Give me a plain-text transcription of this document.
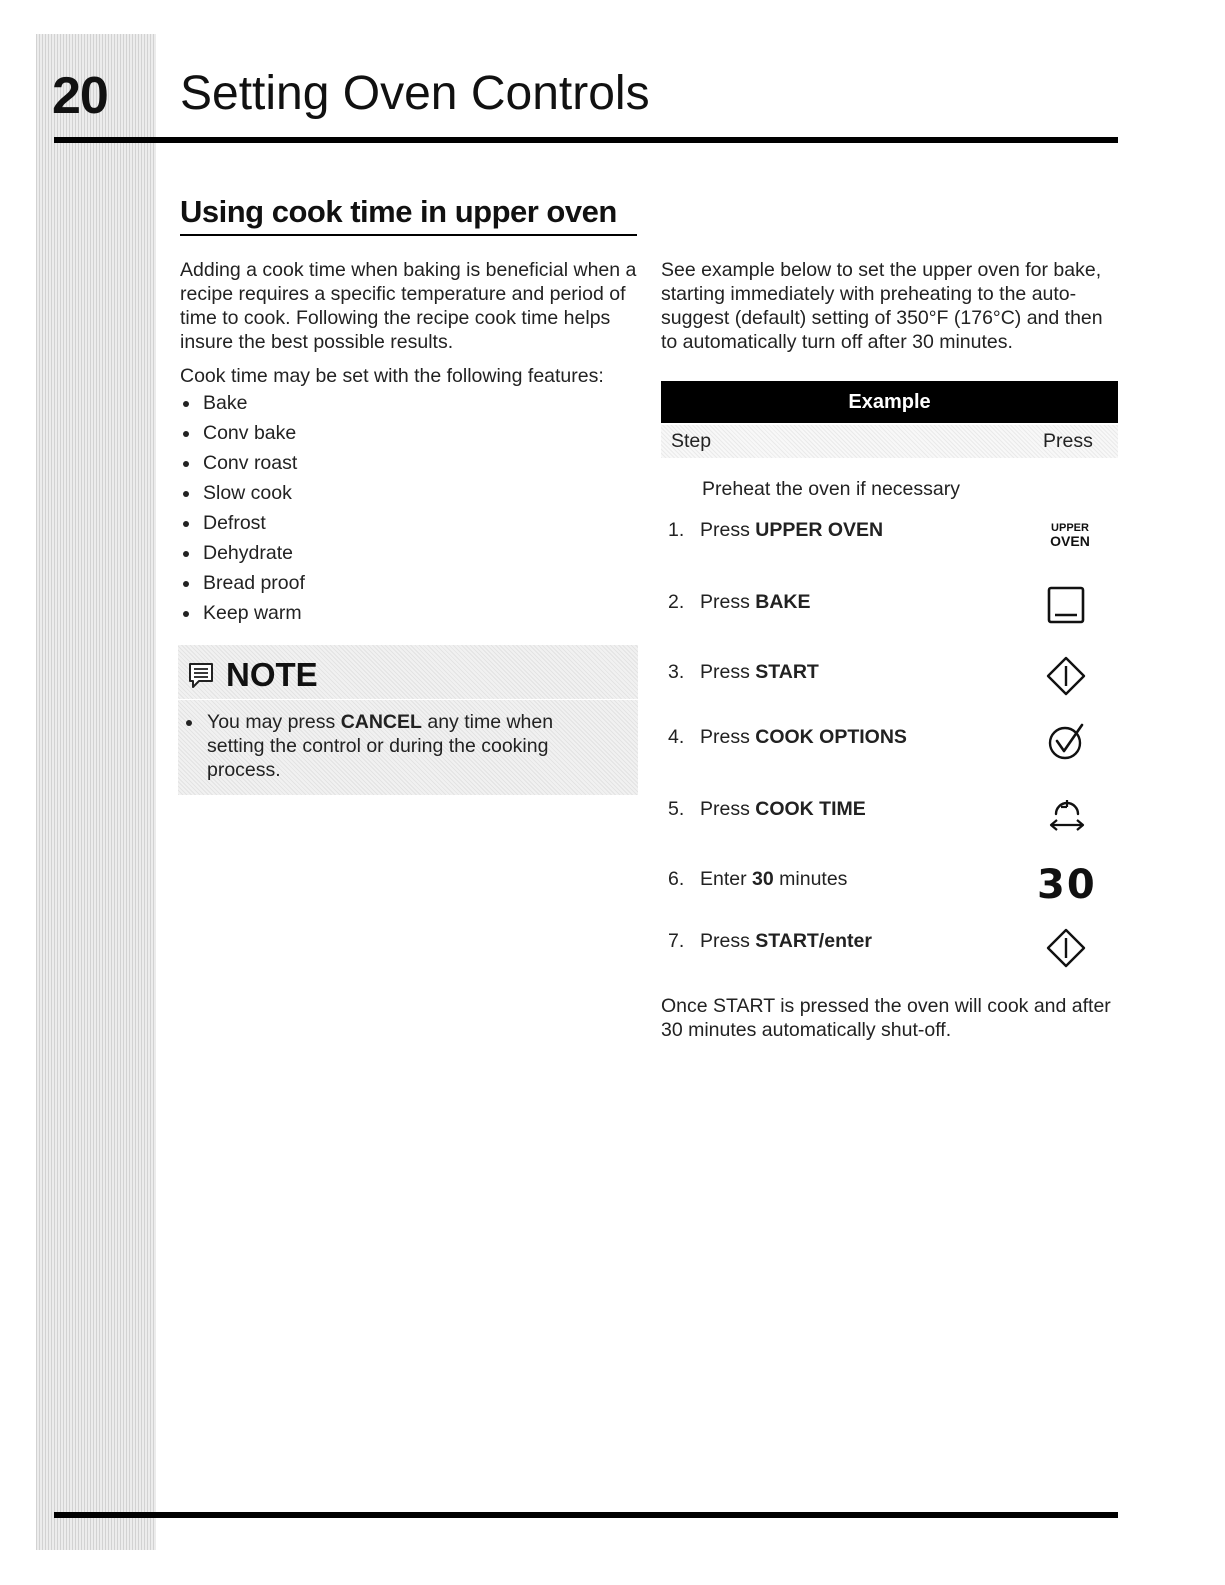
20 Setting Oven Controls
Using cook time in upper oven

Adding a cook time when baking is beneficial when a recipe requires a specific temperature and period of time to cook. Following the recipe cook time helps insure the best possible results.

Cook time may be set with the following features:

Bake
Conv bake
Conv roast
Slow cook
Defrost
Dehydrate
Bread proof
Keep warm
NOTE
You may press CANCEL any time when setting the control or during the cooking process.
See example below to set the upper oven for bake, starting immediately with preheating to the auto-suggest (default) setting of 350°F (176°C) and then to automatically turn off after 30 minutes.
Example
Step	Press
Preheat the oven if necessary
1. Press UPPER OVEN
2. Press BAKE
3. Press START
4. Press COOK OPTIONS
5. Press COOK TIME
6. Enter 30 minutes
7. Press START/enter
UPPER
OVEN
30
Once START is pressed the oven will cook and after 30 minutes automatically shut-off.
